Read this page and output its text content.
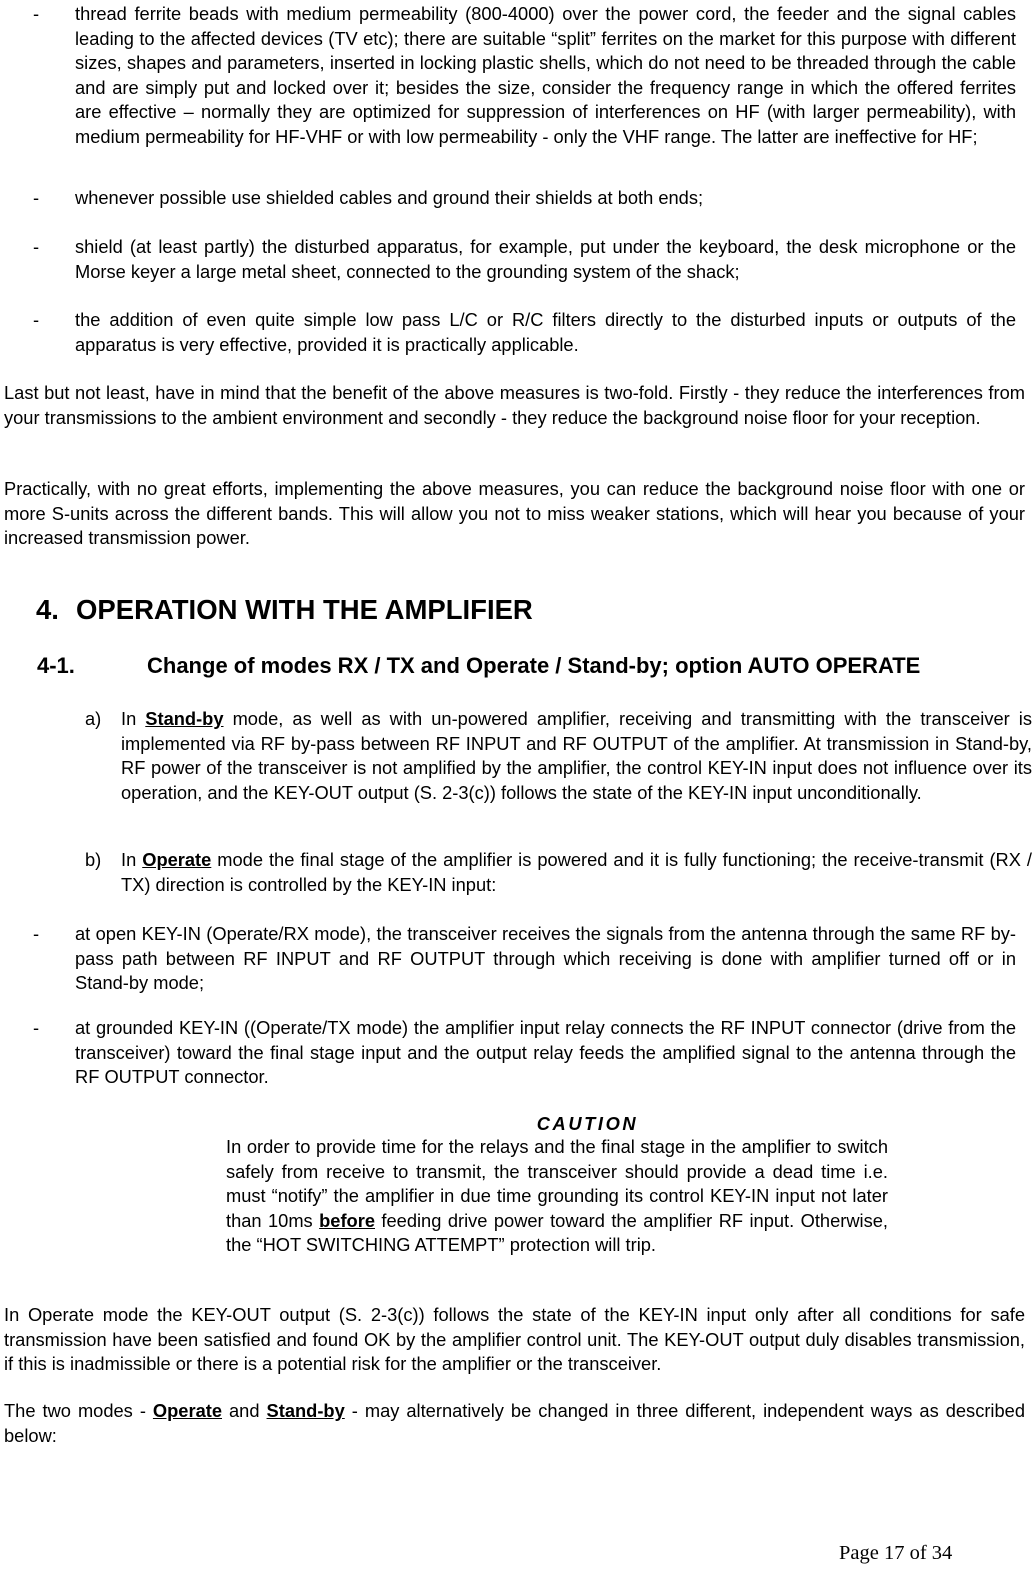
- thread ferrite beads with medium permeability (800-4000) over the power cord, the feeder and the signal cables leading to the affected devices (TV etc); there are suitable “split” ferrites on the market for this purpose with different sizes, shapes and parameters, inserted in locking plastic shells, which do not need to be threaded through the cable and are simply put and locked over it; besides the size, consider the frequency range in which the offered ferrites are effective – normally they are optimized for suppression of interferences on HF (with larger permeability), with medium permeability for HF-VHF or with low permeability - only the VHF range. The latter are ineffective for HF;

- whenever possible use shielded cables and ground their shields at both ends;

- shield (at least partly) the disturbed apparatus, for example, put under the keyboard, the desk microphone or the Morse keyer a large metal sheet, connected to the grounding system of the shack;

- the addition of even quite simple low pass L/C or R/C filters directly to the disturbed inputs or outputs of the apparatus is very effective, provided it is practically applicable.

Last but not least, have in mind that the benefit of the above measures is two-fold. Firstly - they reduce the interferences from your transmissions to the ambient environment and secondly - they reduce the background noise floor for your reception.

Practically, with no great efforts, implementing the above measures, you can reduce the background noise floor with one or more S-units across the different bands. This will allow you not to miss weaker stations, which will hear you because of your increased transmission power.

4. OPERATION WITH THE AMPLIFIER
4-1.	Change of modes RX / TX and Operate / Stand-by; option AUTO OPERATE
a) In Stand-by mode, as well as with un-powered amplifier, receiving and transmitting with the transceiver is implemented via RF by-pass between RF INPUT and RF OUTPUT of the amplifier. At transmission in Stand-by, RF power of the transceiver is not amplified by the amplifier, the control KEY-IN input does not influence over its operation, and the KEY-OUT output (S. 2-3(c)) follows the state of the KEY-IN input unconditionally.

b) In Operate mode the final stage of the amplifier is powered and it is fully functioning; the receive-transmit (RX / TX) direction is controlled by the KEY-IN input:

- at open KEY-IN (Operate/RX mode), the transceiver receives the signals from the antenna through the same RF by-pass path between RF INPUT and RF OUTPUT through which receiving is done with amplifier turned off or in Stand-by mode;

- at grounded KEY-IN ((Operate/TX mode) the amplifier input relay connects the RF INPUT connector (drive from the transceiver) toward the final stage input and the output relay feeds the amplified signal to the antenna through the RF OUTPUT connector.

CAUTION

In order to provide time for the relays and the final stage in the amplifier to switch safely from receive to transmit, the transceiver should provide a dead time i.e. must “notify” the amplifier in due time grounding its control KEY-IN input not later than 10ms before feeding drive power toward the amplifier RF input. Otherwise, the “HOT SWITCHING ATTEMPT” protection will trip.

In Operate mode the KEY-OUT output (S. 2-3(c)) follows the state of the KEY-IN input only after all conditions for safe transmission have been satisfied and found OK by the amplifier control unit. The KEY-OUT output duly disables transmission, if this is inadmissible or there is a potential risk for the amplifier or the transceiver.

The two modes - Operate and Stand-by - may alternatively be changed in three different, independent ways as described below:

Page 17 of 34
